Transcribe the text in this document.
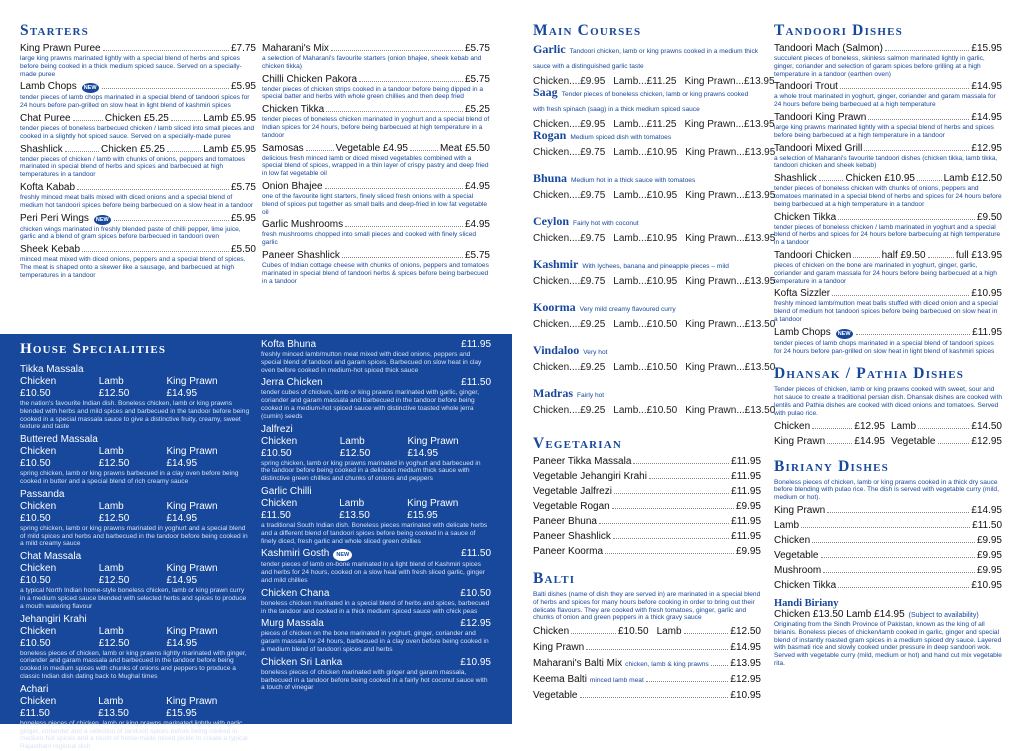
Starters
King Prawn Puree	£7.75
large king prawns marinated lightly with a special blend of herbs and spices before being cooked in a thick medium spiced sauce. Served on a specially-made puree
Lamb Chops	NEW	£5.95
tender pieces of lamb chops marinated in a special blend of tandoori spices for 24 hours before pan-grilled on slow heat in light blend of kashmiri spices
Chat Puree	Chicken £5.25	Lamb £5.95
tender pieces of boneless barbecued chicken / lamb sliced into small pieces and cooked in a slightly hot spiced sauce. Served on a specially-made puree
Shashlick	Chicken £5.25	Lamb £5.95
tender pieces of chicken / lamb with chunks of onions, peppers and tomatoes marinated in special blend of herbs and spices and barbecued at high temperatures in a tandoor
Kofta Kabab	£5.75
freshly minced meat balls mixed with diced onions and a special blend of medium hot tandoori spices before being barbecued on a slow heat in a tandoor
Peri Peri Wings	NEW	£5.95
chicken wings marinated in freshly blended paste of chilli pepper, lime juice, garlic and a blend of gram spices before barbecued in tandoori oven
Sheek Kebab	£5.50
minced meat mixed with diced onions, peppers and a special blend of spices. The meat is shaped onto a skewer like a sausage, and barbecued at high temperatures in a tandoor
Maharani's Mix	£5.75
a selection of Maharani's favourite starters (onion bhajee, sheek kebab and chicken tikka)
Chilli Chicken Pakora	£5.75
tender pieces of chicken strips cooked in a tandoor before being dipped in a special batter and herbs with whole green chillies and then deep fried
Chicken Tikka	£5.25
tender pieces of boneless chicken marinated in yoghurt and a special blend of Indian spices for 24 hours, before being barbecued at high temperature in a tandoor
Samosas	Vegetable £4.95	Meat £5.50
delicious fresh minced lamb or diced mixed vegetables combined with a special blend of spices, wrapped in a thin layer of crispy pastry and deep fried in low fat vegetable oil
Onion Bhajee	£4.95
one of the favourite light starters, finely sliced fresh onions with a special blend of spices put together as small balls and deep-fried in low fat vegetable oil
Garlic Mushrooms	£4.95
fresh mushrooms chopped into small pieces and cooked with finely sliced garlic
Paneer Shashlick	£5.75
Cubes of Indian cottage cheese with chunks of onions, peppers and tomatoes marinated in special blend of tandoori herbs & spices before being barbecued in a tandoor
House Specialities
Tikka Massala
Chicken £10.50
Lamb £12.50
King Prawn £14.95
the nation's favourite Indian dish. Boneless chicken, lamb or king prawns blended with herbs and mild spices and barbecued in the tandoor before being cooked in a special massala sauce to give a distinctive fruity, creamy, sweet texture and taste
Buttered Massala
Chicken £10.50
Lamb £12.50
King Prawn £14.95
spring chicken, lamb or king prawns barbecued in a clay oven before being cooked in butter and a special blend of rich creamy sauce
Passanda
Chicken £10.50
Lamb £12.50
King Prawn £14.95
spring chicken, lamb or king prawns marinated in yoghurt and a special blend of mild spices and herbs and barbecued in the tandoor before being cooked in a mild creamy sauce
Chat Massala
Chicken £10.50
Lamb £12.50
King Prawn £14.95
a typical North Indian home-style boneless chicken, lamb or king prawn curry in a medium spiced sauce blended with selected herbs and spices to produce a mouth watering flavour
Jehangiri Krahi
Chicken £10.50
Lamb £12.50
King Prawn £14.95
boneless pieces of chicken, lamb or king prawns lightly marinated with ginger, coriander and garam massala and barbecued in the tandoor before being cooked in medium spices with chunks of onions and peppers to produce a classic Indian dish dating back to Mughal times
Achari
Chicken £11.50
Lamb £13.50
King Prawn £15.95
boneless pieces of chicken, lamb or king prawns marinated lightly with garlic, ginger, coriander and a selection of tandoori spices before being cooked in medium-hot spices and a touch of home-made mixed pickle to create a typical Rajasthani regional dish
Kofta Bhuna	£11.95
freshly minced lamb/mutton meat mixed with diced onions, peppers and special blend of tandoori and garam spices. Barbecued on slow heat in clay oven before cooked in medium-hot spiced thick sauce
Jerra Chicken	£11.50
tender cubes of chicken, lamb or king prawns marinated with garlic, ginger, coriander and garam massala and barbecued in the tandoor before being cooked in a medium-hot spiced sauce with distinctive toasted whole jerra (cumin) seeds
Jalfrezi
Chicken £10.50
Lamb £12.50
King Prawn £14.95
spring chicken, lamb or king prawns marinated in yoghurt and barbecued in the tandoor before being cooked in a delicious medium thick sauce with distinctive green chillies and chunks of onions and peppers
Garlic Chilli
Chicken £11.50
Lamb £13.50
King Prawn £15.95
a traditional South Indian dish. Boneless pieces marinated with delicate herbs and a different blend of tandoori spices before being cooked in a sauce of finely diced, fresh garlic and whole sliced green chillies
Kashmiri Gosth	NEW	£11.50
tender pieces of lamb on-bone marinated in a light blend of Kashmiri spices and herbs for 24 hours, cooked on a slow heat with fresh sliced garlic, ginger and mild chillies
Chicken Chana	£10.50
boneless chicken marinated in a special blend of herbs and spices, barbecued in the tandoor and cooked in a thick medium spiced sauce with chick peas
Murg Massala	£12.95
pieces of chicken on the bone marinated in yoghurt, ginger, coriander and garam massala for 24 hours, barbecued in a clay oven before being cooked in a medium blend of tandoori spices and herbs
Chicken Sri Lanka	£10.95
boneless pieces of chicken marinated with ginger and garam massala, barbecued in a tandoor before being cooked in a fairly hot coconut sauce with a touch of vinegar
Main Courses
Garlic Tandoori chicken, lamb or king prawns cooked in a medium thick sauce with a distinguished garlic taste
Chicken....£9.95 Lamb...£11.25 King Prawn...£13.95
Saag Tender pieces of boneless chicken, lamb or king prawns cooked with fresh spinach (saag) in a thick medium spiced sauce
Chicken....£9.95 Lamb...£11.25 King Prawn...£13.95
Rogan Medium spiced dish with tomatoes
Chicken....£9.75 Lamb...£10.95 King Prawn...£13.95
Bhuna Medium hot in a thick sauce with tomatoes
Chicken....£9.75 Lamb...£10.95 King Prawn...£13.95
Ceylon Fairly hot with coconut
Chicken....£9.75 Lamb...£10.95 King Prawn...£13.95
Kashmir With lychees, banana and pineapple pieces – mild
Chicken....£9.75 Lamb...£10.95 King Prawn...£13.95
Koorma Very mild creamy flavoured curry
Chicken....£9.25 Lamb...£10.50 King Prawn...£13.50
Vindaloo Very hot
Chicken....£9.25 Lamb...£10.50 King Prawn...£13.50
Madras Fairly hot
Chicken....£9.25 Lamb...£10.50 King Prawn...£13.50
Vegetarian
Paneer Tikka Massala	£11.95
Vegetable Jehangiri Krahi	£11.95
Vegetable Jalfrezi	£11.95
Vegetable Rogan	£9.95
Paneer Bhuna	£11.95
Paneer Shashlick	£11.95
Paneer Koorma	£9.95
Balti
Balti dishes (name of dish they are served in) are marinated in a special blend of herbs and spices for many hours before cooking in order to bring out their delicate flavours. They are cooked with fresh tomatoes, ginger, garlic and chunks of onion and green peppers in a thick gravy sauce
Chicken	£10.50 Lamb	£12.50
King Prawn	£14.95
Maharani's Balti Mix chicken, lamb & king prawns £13.95
Keema Balti minced lamb meat	£12.95
Vegetable	£10.95
Tandoori Dishes
Tandoori Mach (Salmon)	£15.95
succulent pieces of boneless, skinless salmon marinated lightly in garlic, ginger, coriander and selection of garam spices before grilling at a high temperature in a tandoor (earthen oven)
Tandoori Trout	£14.95
a whole trout marinated in yoghurt, ginger, coriander and garam massala for 24 hours before being barbecued at a high temperature
Tandoori King Prawn	£14.95
large king prawns marinated lightly with a special blend of herbs and spices before being barbecued at a high temperature in a tandoor
Tandoori Mixed Grill	£12.95
a selection of Maharani's favourite tandoori dishes (chicken tikka, lamb tikka, tandoori chicken and sheek kebab)
Shashlick	Chicken £10.95	Lamb £12.50
tender pieces of boneless chicken with chunks of onions, peppers and tomatoes marinated in a special blend of herbs and spices for 24 hours before being barbecued at a high temperature in a tandoor
Chicken Tikka	£9.50
tender pieces of boneless chicken / lamb marinated in yoghurt and a special blend of herbs and spices for 24 hours before barbecuing at high temperature in a tandoor
Tandoori Chicken	half £9.50	full £13.95
pieces of chicken on the bone are marinated in yoghurt, ginger, garlic, coriander and garam massala for 24 hours before being barbecued at a high temperature in a tandoor
Kofta Sizzler	£10.95
freshly minced lamb/mutton meat balls stuffed with diced onion and a special blend of medium hot tandoori spices before being barbecued on slow heat in a tandoor
Lamb Chops	NEW	£11.95
tender pieces of lamb chops marinated in a special blend of tandoori spices for 24 hours before pan-grilled on slow heat in light blend of kashmiri spices
Dhansak / Pathia Dishes
Tender pieces of chicken, lamb or king prawns cooked with sweet, sour and hot sauce to create a traditional persian dish. Dhansak dishes are cooked with lentils and Pathia dishes are cooked with diced onions and tomatoes. Served with pulao rice.
Chicken	£12.95 Lamb	£14.50
King Prawn	£14.95 Vegetable	£12.95
Biriany Dishes
Boneless pieces of chicken, lamb or king prawns cooked in a thick dry sauce before blending with pulao rice. The dish is served with vegetable curry (mild, medium or hot).
King Prawn	£14.95
Lamb	£11.50
Chicken	£9.95
Vegetable	£9.95
Mushroom	£9.95
Chicken Tikka	£10.95
Handi Biriany
Chicken £13.50 Lamb £14.95 (Subject to availability)
Originating from the Sindh Province of Pakistan, known as the king of all birianis. Boneless pieces of chicken/lamb cooked in garlic, ginger and special blend of instantly roasted gram spices in a medium spiced dry sauce. Layered with basmati rice and slowly cooked under pressure in deep sandoori wok. Served with vegetable curry (mild, medium or hot) and hand cut mix vegetable rita.
